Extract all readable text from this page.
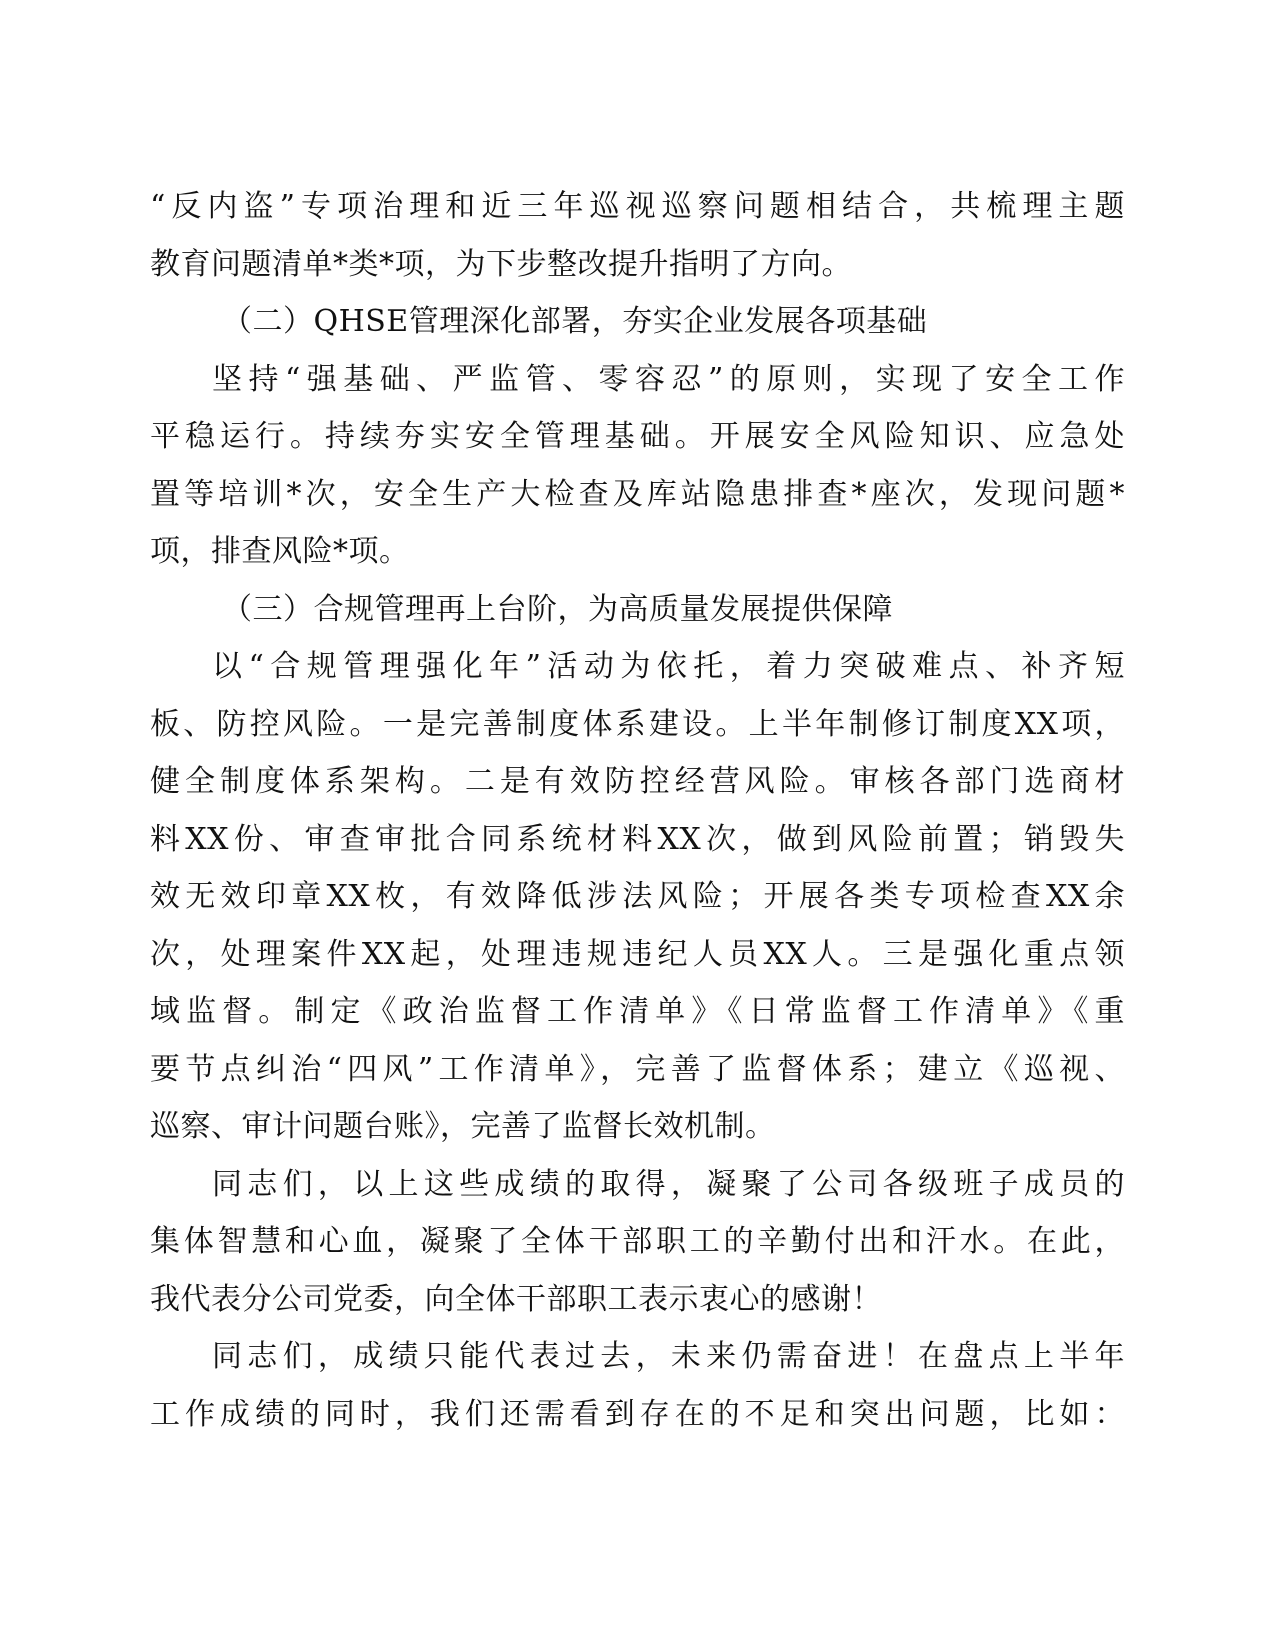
“反内盗”专项治理和近三年巡视巡察问题相结合，共梳理主题
教育问题清单*类*项，为下步整改提升指明了方向。
（二）QHSE管理深化部署，夯实企业发展各项基础
坚持“强基础、严监管、零容忍”的原则，实现了安全工作
平稳运行。持续夯实安全管理基础。开展安全风险知识、应急处
置等培训*次，安全生产大检查及库站隐患排查*座次，发现问题*
项，排查风险*项。
（三）合规管理再上台阶，为高质量发展提供保障
以“合规管理强化年”活动为依托，着力突破难点、补齐短
板、防控风险。一是完善制度体系建设。上半年制修订制度XX项，
健全制度体系架构。二是有效防控经营风险。审核各部门选商材
料XX份、审查审批合同系统材料XX次，做到风险前置；销毁失
效无效印章XX枚，有效降低涉法风险；开展各类专项检查XX余
次，处理案件XX起，处理违规违纪人员XX人。三是强化重点领
域监督。制定《政治监督工作清单》《日常监督工作清单》《重
要节点纠治“四风”工作清单》，完善了监督体系；建立《巡视、
巡察、审计问题台账》，完善了监督长效机制。
同志们，以上这些成绩的取得，凝聚了公司各级班子成员的
集体智慧和心血，凝聚了全体干部职工的辛勤付出和汗水。在此，
我代表分公司党委，向全体干部职工表示衷心的感谢！
同志们，成绩只能代表过去，未来仍需奋进！在盘点上半年
工作成绩的同时，我们还需看到存在的不足和突出问题，比如：
